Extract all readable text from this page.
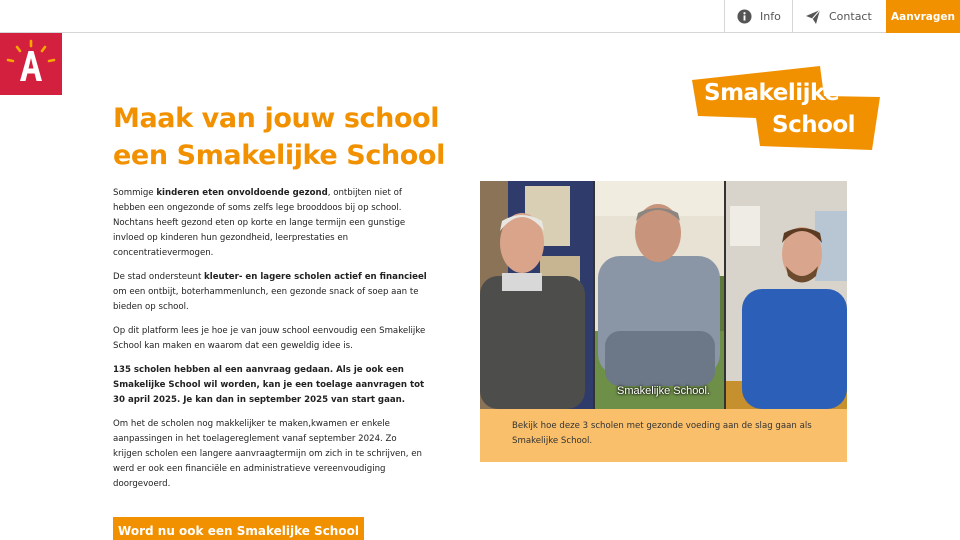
Info	Contact Aanvragen
Maak van jouw school
een Smakelijke School

Sommige kinderen eten onvoldoende gezond, ontbijten niet of hebben een ongezonde of soms zelfs lege brooddoos bij op school. Nochtans heeft gezond eten op korte en lange termijn een gunstige invloed op kinderen hun gezondheid, leerprestaties en concentratievermogen.

De stad ondersteunt kleuter- en lagere scholen actief en financieel om een ontbijt, boterhammenlunch, een gezonde snack of soep aan te bieden op school.

Op dit platform lees je hoe je van jouw school eenvoudig een Smakelijke School kan maken en waarom dat een geweldig idee is.

135 scholen hebben al een aanvraag gedaan. Als je ook een Smakelijke School wil worden, kan je een toelage aanvragen tot 30 april 2025. Je kan dan in september 2025 van start gaan.

Om het de scholen nog makkelijker te maken,kwamen er enkele aanpassingen in het toelagereglement vanaf september 2024. Zo krijgen scholen een langere aanvraagtermijn om zich in te schrijven, en werd er ook een financiële en administratieve vereenvoudiging doorgevoerd.

Word nu ook een Smakelijke School
Smakelijke
School
Smakelijke School.
Bekijk hoe deze 3 scholen met gezonde voeding aan de slag gaan als Smakelijke School.
